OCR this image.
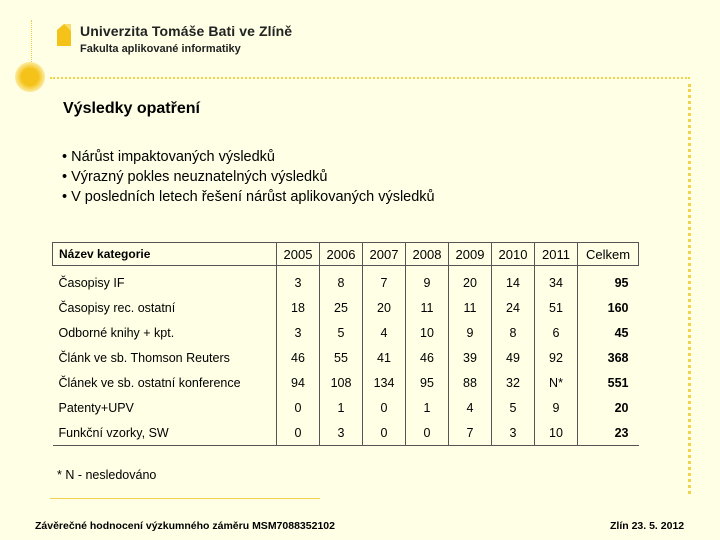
Univerzita Tomáše Bati ve Zlíně
Fakulta aplikované informatiky
Výsledky opatření
• Nárůst impaktovaných výsledků
• Výrazný pokles neuznatelných výsledků
• V posledních letech řešení nárůst aplikovaných výsledků
Název kategorie	2005	2006	2007	2008	2009	2010	2011	Celkem
Časopisy IF	3	8	7	9	20	14	34	95
Časopisy rec. ostatní	18	25	20	11	11	24	51	160
Odborné knihy + kpt.	3	5	4	10	9	8	6	45
Článk ve sb. Thomson Reuters	46	55	41	46	39	49	92	368
Článek ve sb. ostatní konference	94	108	134	95	88	32	N*	551
Patenty+UPV	0	1	0	1	4	5	9	20
Funkční vzorky, SW	0	3	0	0	7	3	10	23
* N - nesledováno
Závěrečné hodnocení výzkumného záměru MSM7088352102	Zlín 23. 5. 2012
